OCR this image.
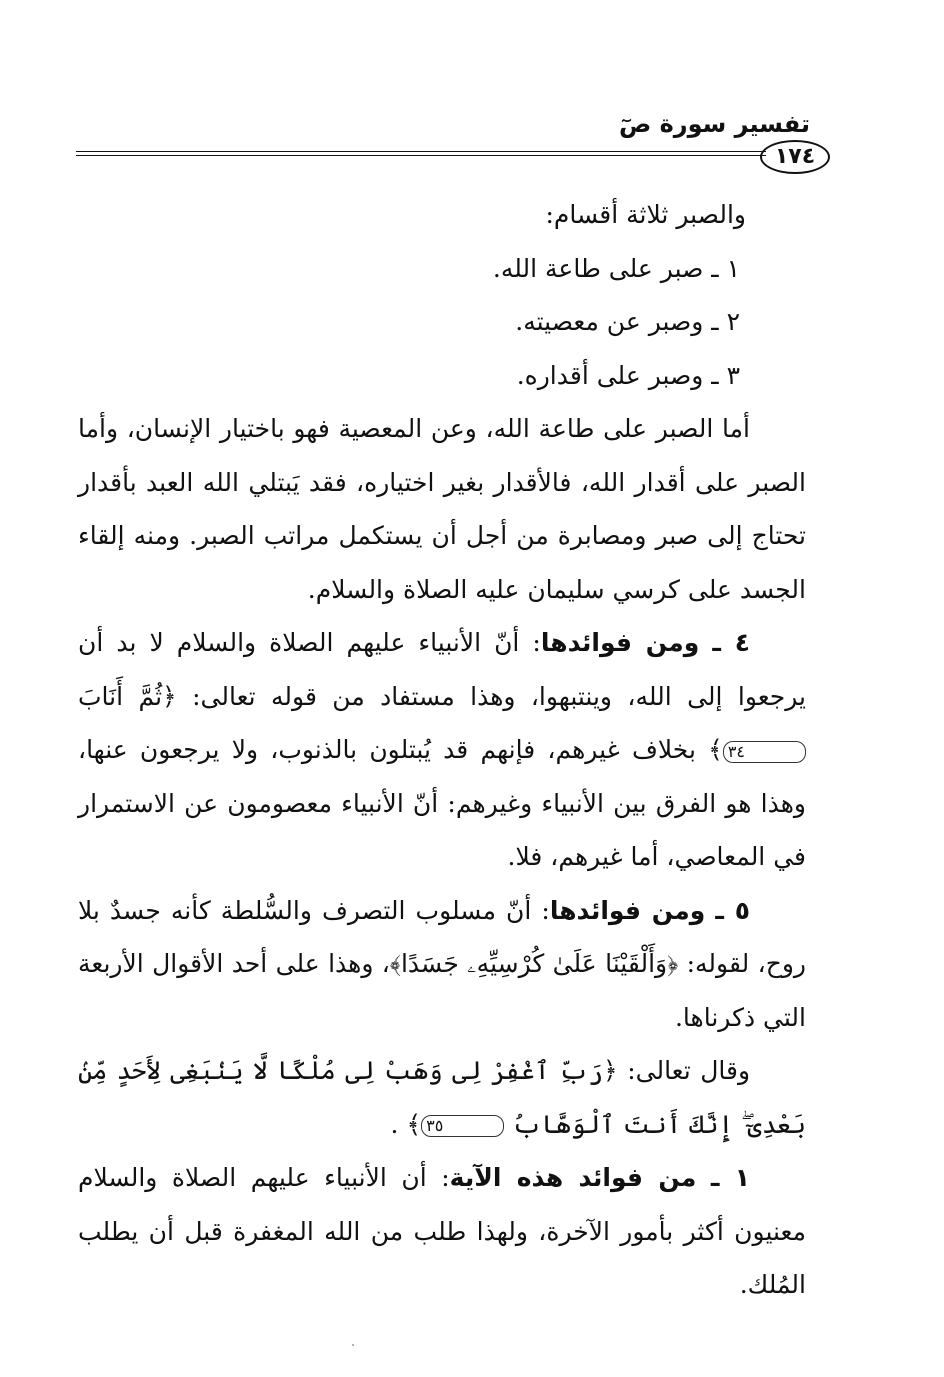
تفسير سورة صٓ
١٧٤

والصبر ثلاثة أقسام:

١ ـ صبر على طاعة الله.

٢ ـ وصبر عن معصيته.

٣ ـ وصبر على أقداره.

أما الصبر على طاعة الله، وعن المعصية فهو باختيار الإنسان، وأما الصبر على أقدار الله، فالأقدار بغير اختياره، فقد يَبتلي الله العبد بأقدار تحتاج إلى صبر ومصابرة من أجل أن يستكمل مراتب الصبر. ومنه إلقاء الجسد على كرسي سليمان عليه الصلاة والسلام.

٤ ـ ومن فوائدها: أنّ الأنبياء عليهم الصلاة والسلام لا بد أن يرجعوا إلى الله، وينتبهوا، وهذا مستفاد من قوله تعالى: ﴿ثُمَّ أَنَابَ ٣٤﴾ بخلاف غيرهم، فإنهم قد يُبتلون بالذنوب، ولا يرجعون عنها، وهذا هو الفرق بين الأنبياء وغيرهم: أنّ الأنبياء معصومون عن الاستمرار في المعاصي، أما غيرهم، فلا.

٥ ـ ومن فوائدها: أنّ مسلوب التصرف والسُّلطة كأنه جسدٌ بلا روح، لقوله: ﴿وَأَلْقَيْنَا عَلَىٰ كُرْسِيِّهِۦ جَسَدًا﴾، وهذا على أحد الأقوال الأربعة التي ذكرناها.

وقال تعالى: ﴿رَبِّ ٱغْفِرْ لِى وَهَبْ لِى مُلْكًا لَّا يَنۢبَغِى لِأَحَدٍ مِّنۢ بَعْدِىٓ ۖ إِنَّكَ أَنتَ ٱلْوَهَّابُ ٣٥﴾ .

١ ـ من فوائد هذه الآية: أن الأنبياء عليهم الصلاة والسلام معنيون أكثر بأمور الآخرة، ولهذا طلب من الله المغفرة قبل أن يطلب المُلك.
